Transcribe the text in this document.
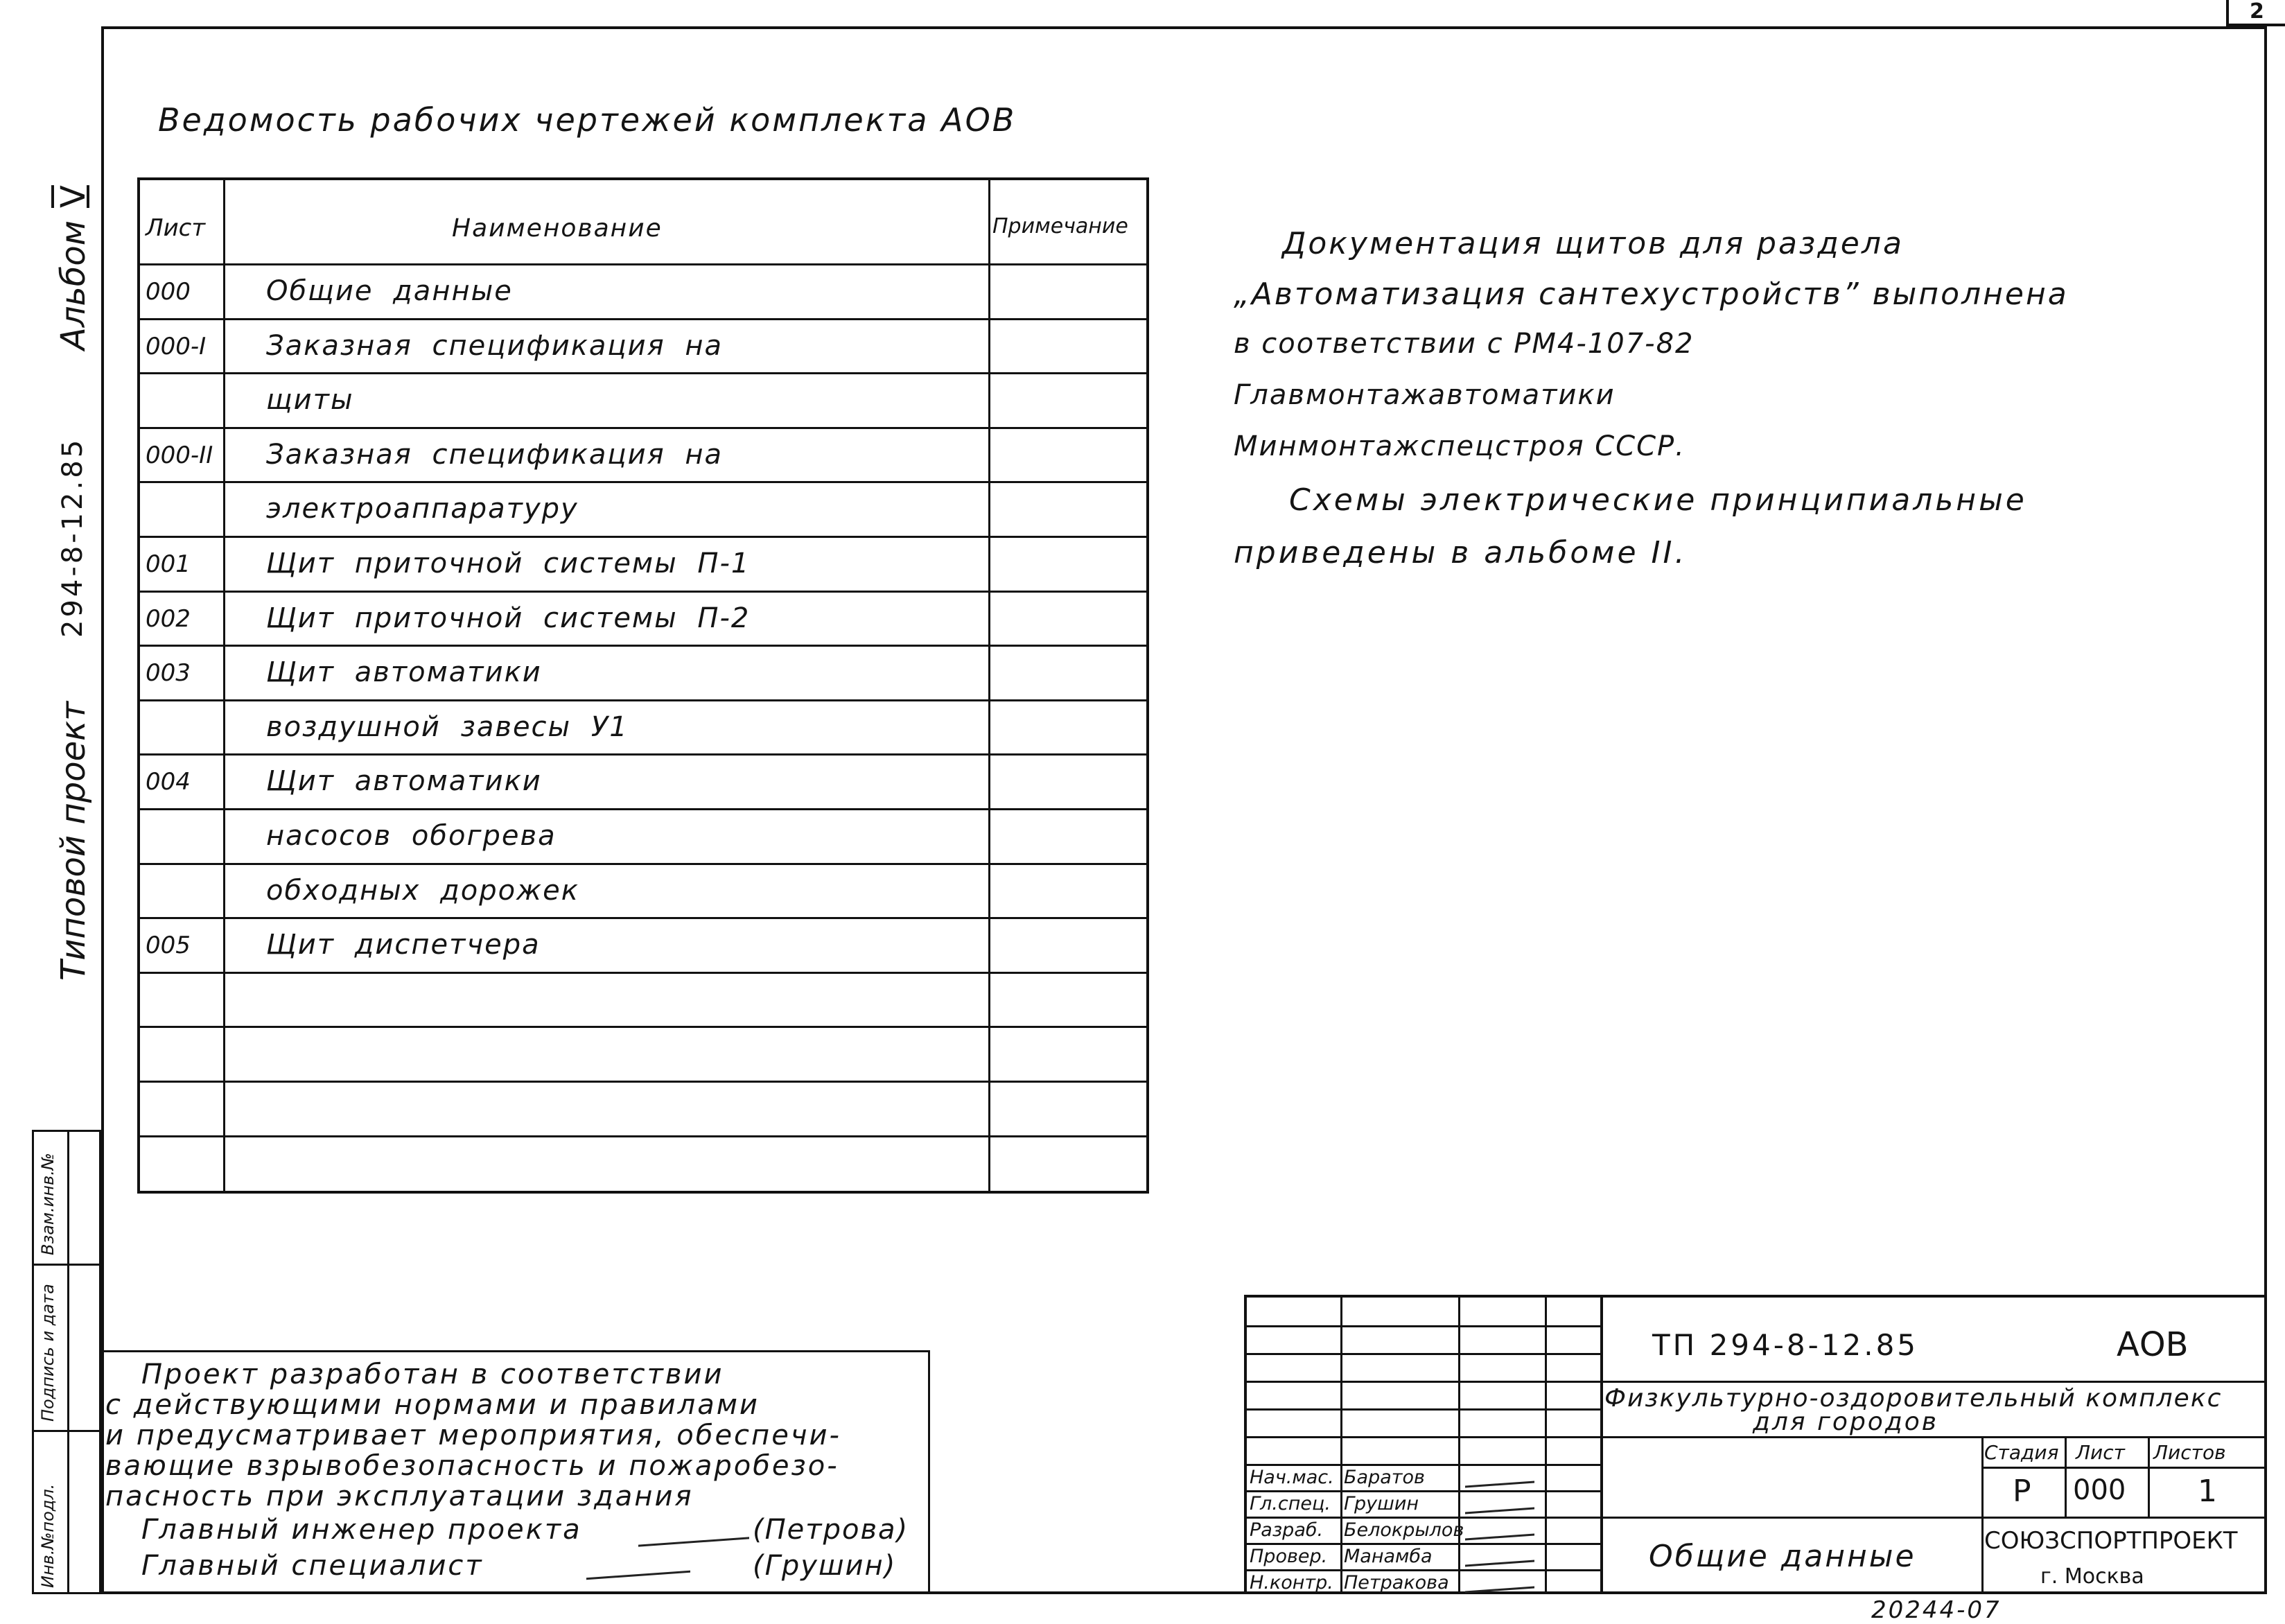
2
Альбом
V
294-8-12.85
Типовой проект
Инв.№подл.
Подпись и дата
Взам.инв.№
Ведомость рабочих чертежей комплекта АОВ
Лист	Наименование	Примечание
000	Общие данные
000-I Заказная спецификация на
щиты
000-II Заказная спецификация на
электроаппаратуру
001	Щит приточной системы П-1
002	Щит приточной системы П-2
003	Щит автоматики
воздушной завесы У1
004	Щит автоматики
насосов обогрева
обходных дорожек
005	Щит диспетчера
Документация щитов для раздела
„Автоматизация сантехустройств” выполнена
в соответствии с РМ4-107-82
Главмонтажавтоматики
Минмонтажспецстроя СССР.
Схемы электрические принципиальные
приведены в альбоме II.
Проект разработан в соответствии
с действующими нормами и правилами
и предусматривает мероприятия, обеспечи-
вающие взрывобезопасность и пожаробезо-
пасность при эксплуатации здания
Главный инженер проекта	(Петрова)
Главный специалист	(Грушин)
Нач.мас. Баратов
Гл.спец. Грушин
Разраб. Белокрылов
Провер. Манамба
Н.контр. Петракова
ТП 294-8-12.85	АОВ
Физкультурно-оздоровительный комплекс
для городов
Общие данные
Стадия Лист Листов
Р 000 1
СОЮЗСПОРТПРОЕКТ
г. Москва
20244-07
